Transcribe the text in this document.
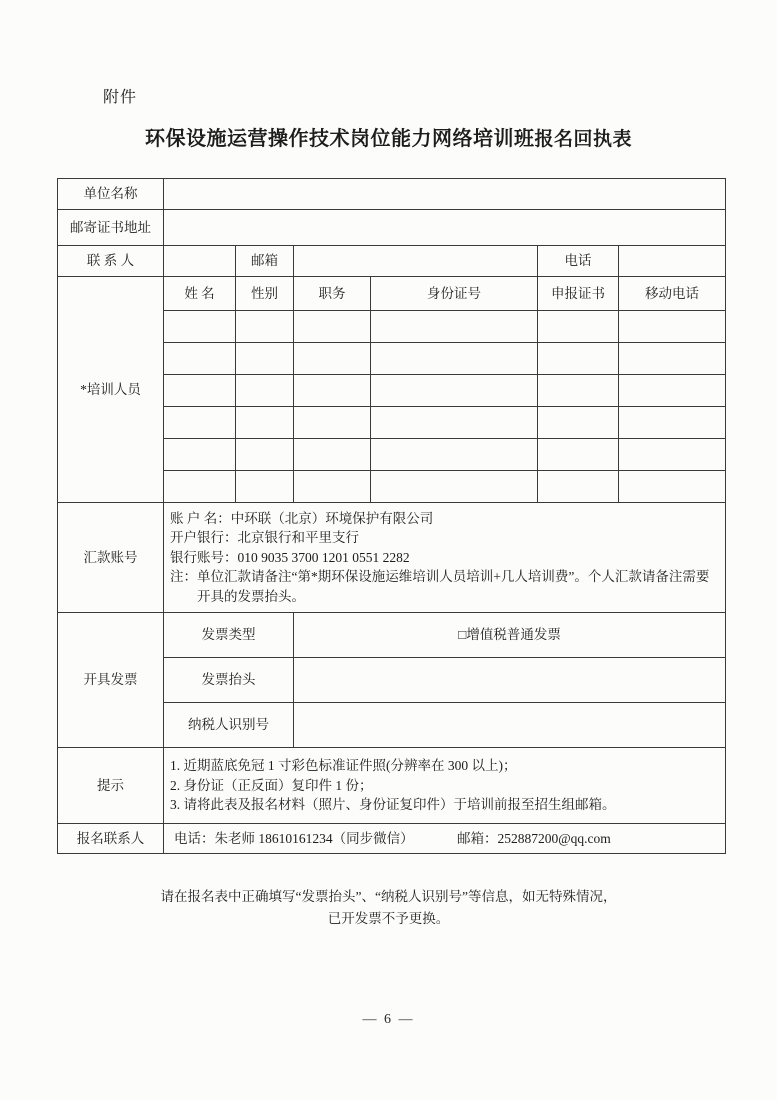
附件
环保设施运营操作技术岗位能力网络培训班报名回执表
单位名称						
邮寄证书地址						
联 系 人		邮箱			电话	
*培训人员	姓 名	性别	职务	身份证号	申报证书	移动电话

汇款账号	账 户 名：中环联（北京）环境保护有限公司
开户银行：北京银行和平里支行
银行账号：010 9035 3700 1201 0551 2282
注：单位汇款请备注“第*期环保设施运维培训人员培训+几人培训费”。个人汇款请备注需要开具的发票抬头。					

开具发票	发票类型		□增值税普通发票			
	发票抬头					
	纳税人识别号					
提示	1. 近期蓝底免冠 1 寸彩色标准证件照(分辨率在 300 以上)；
2. 身份证（正反面）复印件 1 份；
3. 请将此表及报名材料（照片、身份证复印件）于培训前报至招生组邮箱。					

报名联系人	电话：朱老师 18610161234（同步微信） 邮箱：252887200@qq.com					
请在报名表中正确填写“发票抬头”、“纳税人识别号”等信息，如无特殊情况，
已开发票不予更换。
— 6 —
